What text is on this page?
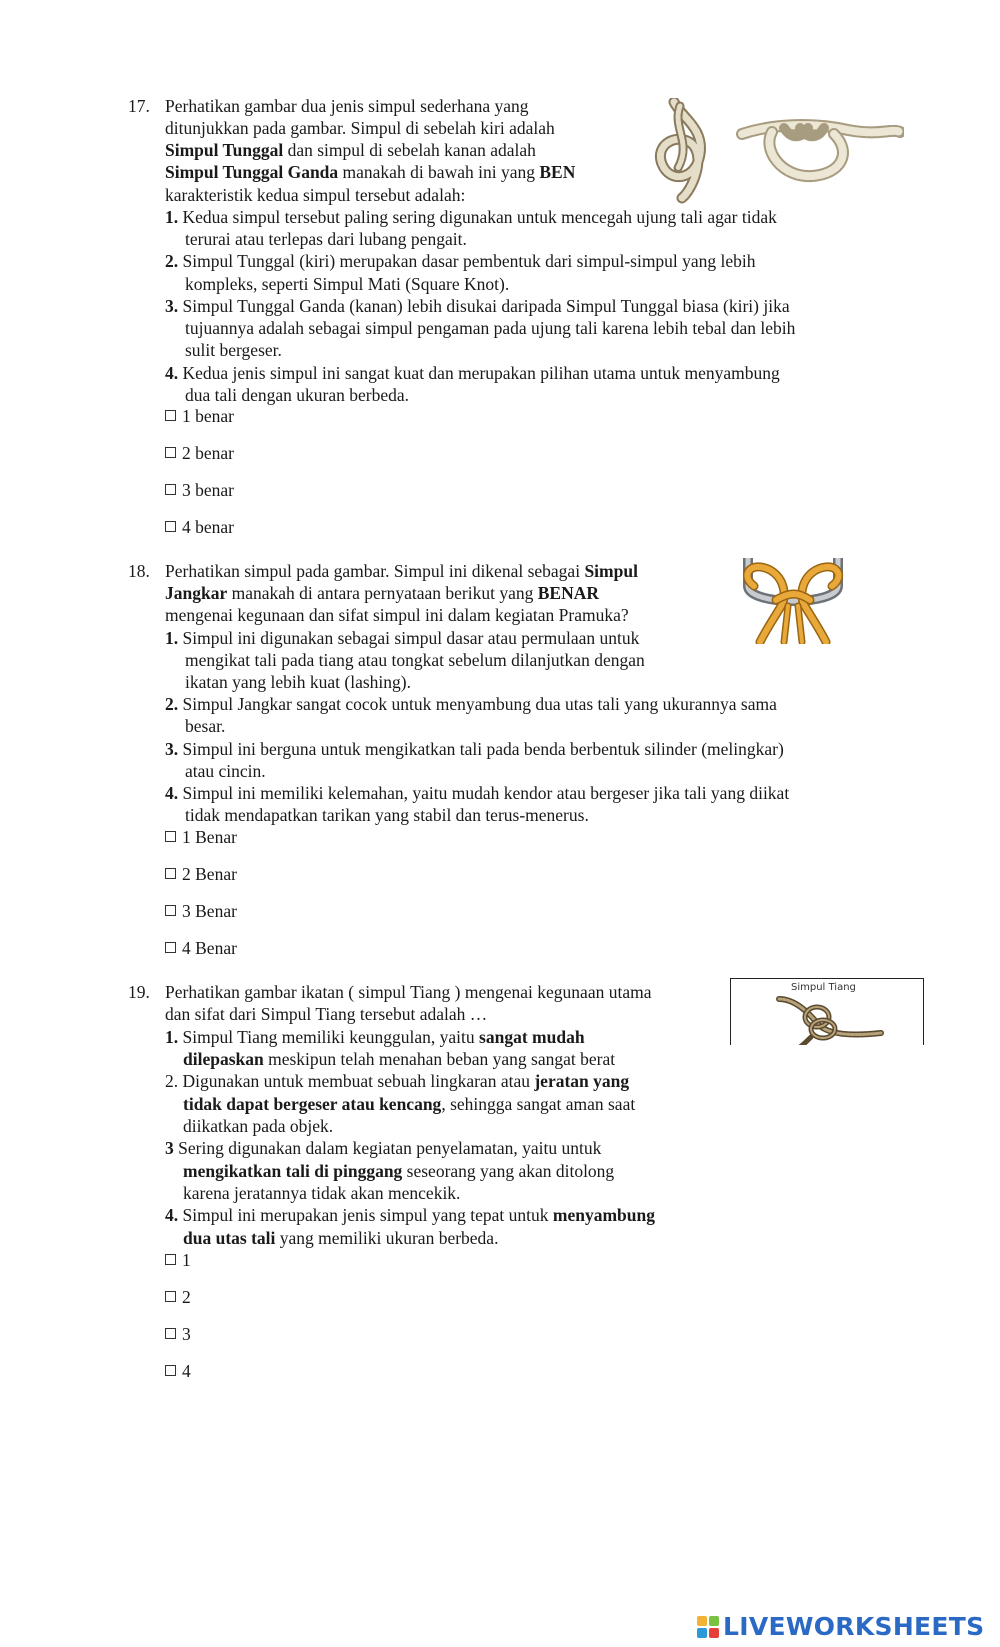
17. Perhatikan gambar dua jenis simpul sederhana yang
ditunjukkan pada gambar. Simpul di sebelah kiri adalah
Simpul Tunggal dan simpul di sebelah kanan adalah
Simpul Tunggal Ganda manakah di bawah ini yang BEN
karakteristik kedua simpul tersebut adalah:
1. Kedua simpul tersebut paling sering digunakan untuk mencegah ujung tali agar tidak
terurai atau terlepas dari lubang pengait.
2. Simpul Tunggal (kiri) merupakan dasar pembentuk dari simpul-simpul yang lebih
kompleks, seperti Simpul Mati (Square Knot).
3. Simpul Tunggal Ganda (kanan) lebih disukai daripada Simpul Tunggal biasa (kiri) jika
tujuannya adalah sebagai simpul pengaman pada ujung tali karena lebih tebal dan lebih
sulit bergeser.
4. Kedua jenis simpul ini sangat kuat dan merupakan pilihan utama untuk menyambung
dua tali dengan ukuran berbeda.
1 benar
2 benar
3 benar
4 benar
18. Perhatikan simpul pada gambar. Simpul ini dikenal sebagai Simpul
Jangkar manakah di antara pernyataan berikut yang BENAR
mengenai kegunaan dan sifat simpul ini dalam kegiatan Pramuka?
1. Simpul ini digunakan sebagai simpul dasar atau permulaan untuk
mengikat tali pada tiang atau tongkat sebelum dilanjutkan dengan
ikatan yang lebih kuat (lashing).
2. Simpul Jangkar sangat cocok untuk menyambung dua utas tali yang ukurannya sama
besar.
3. Simpul ini berguna untuk mengikatkan tali pada benda berbentuk silinder (melingkar)
atau cincin.
4. Simpul ini memiliki kelemahan, yaitu mudah kendor atau bergeser jika tali yang diikat
tidak mendapatkan tarikan yang stabil dan terus-menerus.
1 Benar
2 Benar
3 Benar
4 Benar
19. Perhatikan gambar ikatan ( simpul Tiang ) mengenai kegunaan utama
dan sifat dari Simpul Tiang tersebut adalah …
Simpul Tiang
1. Simpul Tiang memiliki keunggulan, yaitu sangat mudah
dilepaskan meskipun telah menahan beban yang sangat berat
2. Digunakan untuk membuat sebuah lingkaran atau jeratan yang
tidak dapat bergeser atau kencang, sehingga sangat aman saat
diikatkan pada objek.
3 Sering digunakan dalam kegiatan penyelamatan, yaitu untuk
mengikatkan tali di pinggang seseorang yang akan ditolong
karena jeratannya tidak akan mencekik.
4. Simpul ini merupakan jenis simpul yang tepat untuk menyambung
dua utas tali yang memiliki ukuran berbeda.
1
2
3
4
LIVEWORKSHEETS
